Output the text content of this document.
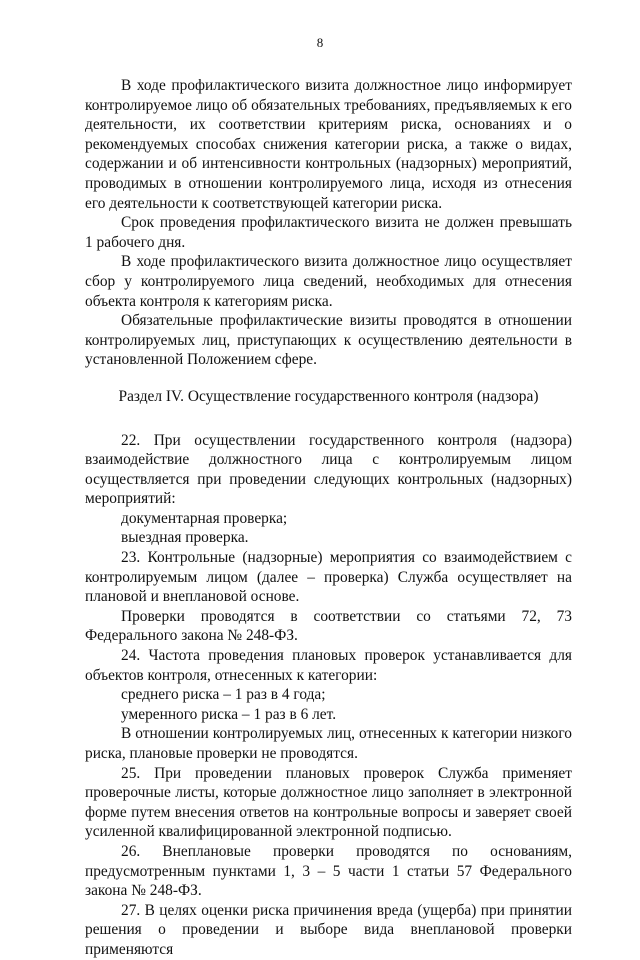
8

В ходе профилактического визита должностное лицо информирует контролируемое лицо об обязательных требованиях, предъявляемых к его деятельности, их соответствии критериям риска, основаниях и о рекомендуемых способах снижения категории риска, а также о видах, содержании и об интенсивности контрольных (надзорных) мероприятий, проводимых в отношении контролируемого лица, исходя из отнесения его деятельности к соответствующей категории риска.

Срок проведения профилактического визита не должен превышать 1 рабочего дня.

В ходе профилактического визита должностное лицо осуществляет сбор у контролируемого лица сведений, необходимых для отнесения объекта контроля к категориям риска.

Обязательные профилактические визиты проводятся в отношении контролируемых лиц, приступающих к осуществлению деятельности в установленной Положением сфере.

Раздел IV. Осуществление государственного контроля (надзора)

22. При осуществлении государственного контроля (надзора) взаимодействие должностного лица с контролируемым лицом осуществляется при проведении следующих контрольных (надзорных) мероприятий:

документарная проверка;

выездная проверка.

23. Контрольные (надзорные) мероприятия со взаимодействием с контролируемым лицом (далее – проверка) Служба осуществляет на плановой и внеплановой основе.

Проверки проводятся в соответствии со статьями 72, 73 Федерального закона № 248-ФЗ.

24. Частота проведения плановых проверок устанавливается для объектов контроля, отнесенных к категории:

среднего риска – 1 раз в 4 года;

умеренного риска – 1 раз в 6 лет.

В отношении контролируемых лиц, отнесенных к категории низкого риска, плановые проверки не проводятся.

25. При проведении плановых проверок Служба применяет проверочные листы, которые должностное лицо заполняет в электронной форме путем внесения ответов на контрольные вопросы и заверяет своей усиленной квалифицированной электронной подписью.

26. Внеплановые проверки проводятся по основаниям, предусмотренным пунктами 1, 3 – 5 части 1 статьи 57 Федерального закона № 248-ФЗ.

27. В целях оценки риска причинения вреда (ущерба) при принятии решения о проведении и выборе вида внеплановой проверки применяются
